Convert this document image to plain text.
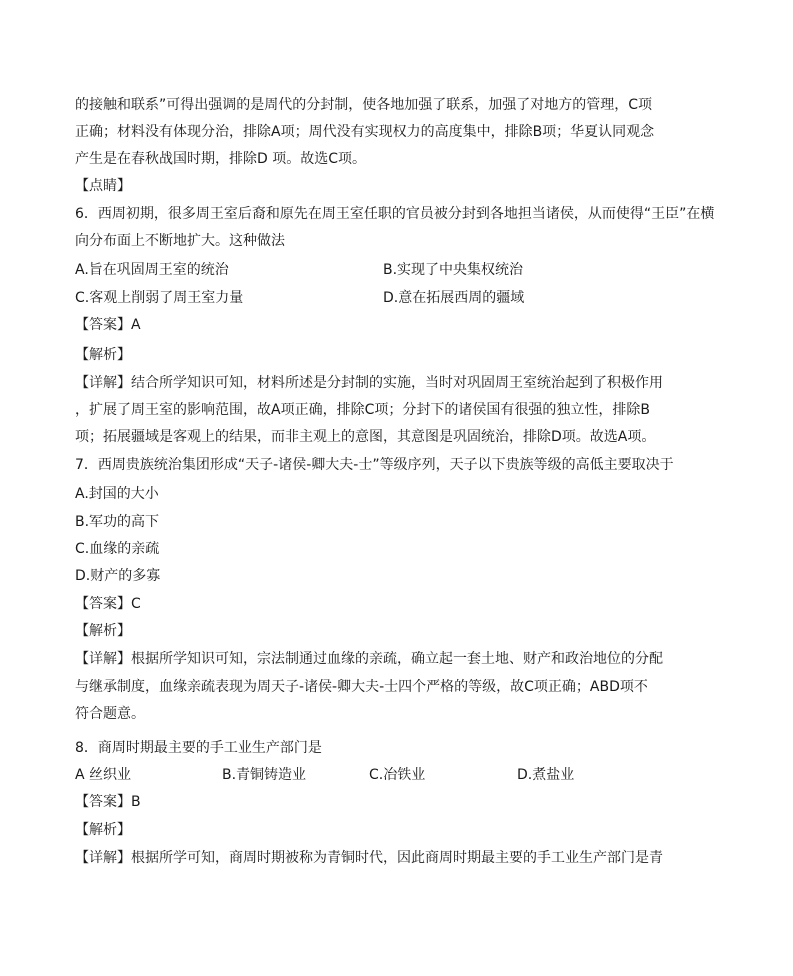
的接触和联系”可得出强调的是周代的分封制，使各地加强了联系，加强了对地方的管理，C项
正确；材料没有体现分治，排除A项；周代没有实现权力的高度集中，排除B项；华夏认同观念
产生是在春秋战国时期，排除D 项。故选C项。
【点睛】
6．西周初期，很多周王室后裔和原先在周王室任职的官员被分封到各地担当诸侯，从而使得“王臣”在横
向分布面上不断地扩大。这种做法
A.旨在巩固周王室的统治	B.实现了中央集权统治
C.客观上削弱了周王室力量	D.意在拓展西周的疆域
【答案】A
【解析】
【详解】结合所学知识可知，材料所述是分封制的实施，当时对巩固周王室统治起到了积极作用
，扩展了周王室的影响范围，故A项正确，排除C项；分封下的诸侯国有很强的独立性，排除B
项；拓展疆域是客观上的结果，而非主观上的意图，其意图是巩固统治，排除D项。故选A项。
7．西周贵族统治集团形成“天子-诸侯-卿大夫-士”等级序列，天子以下贵族等级的高低主要取决于
A.封国的大小
B.军功的高下
C.血缘的亲疏
D.财产的多寡
【答案】C
【解析】
【详解】根据所学知识可知，宗法制通过血缘的亲疏，确立起一套土地、财产和政治地位的分配
与继承制度，血缘亲疏表现为周天子-诸侯-卿大夫-士四个严格的等级，故C项正确；ABD项不
符合题意。
8．商周时期最主要的手工业生产部门是
A 丝织业	B.青铜铸造业	C.冶铁业	D.煮盐业
【答案】B
【解析】
【详解】根据所学可知，商周时期被称为青铜时代，因此商周时期最主要的手工业生产部门是青
